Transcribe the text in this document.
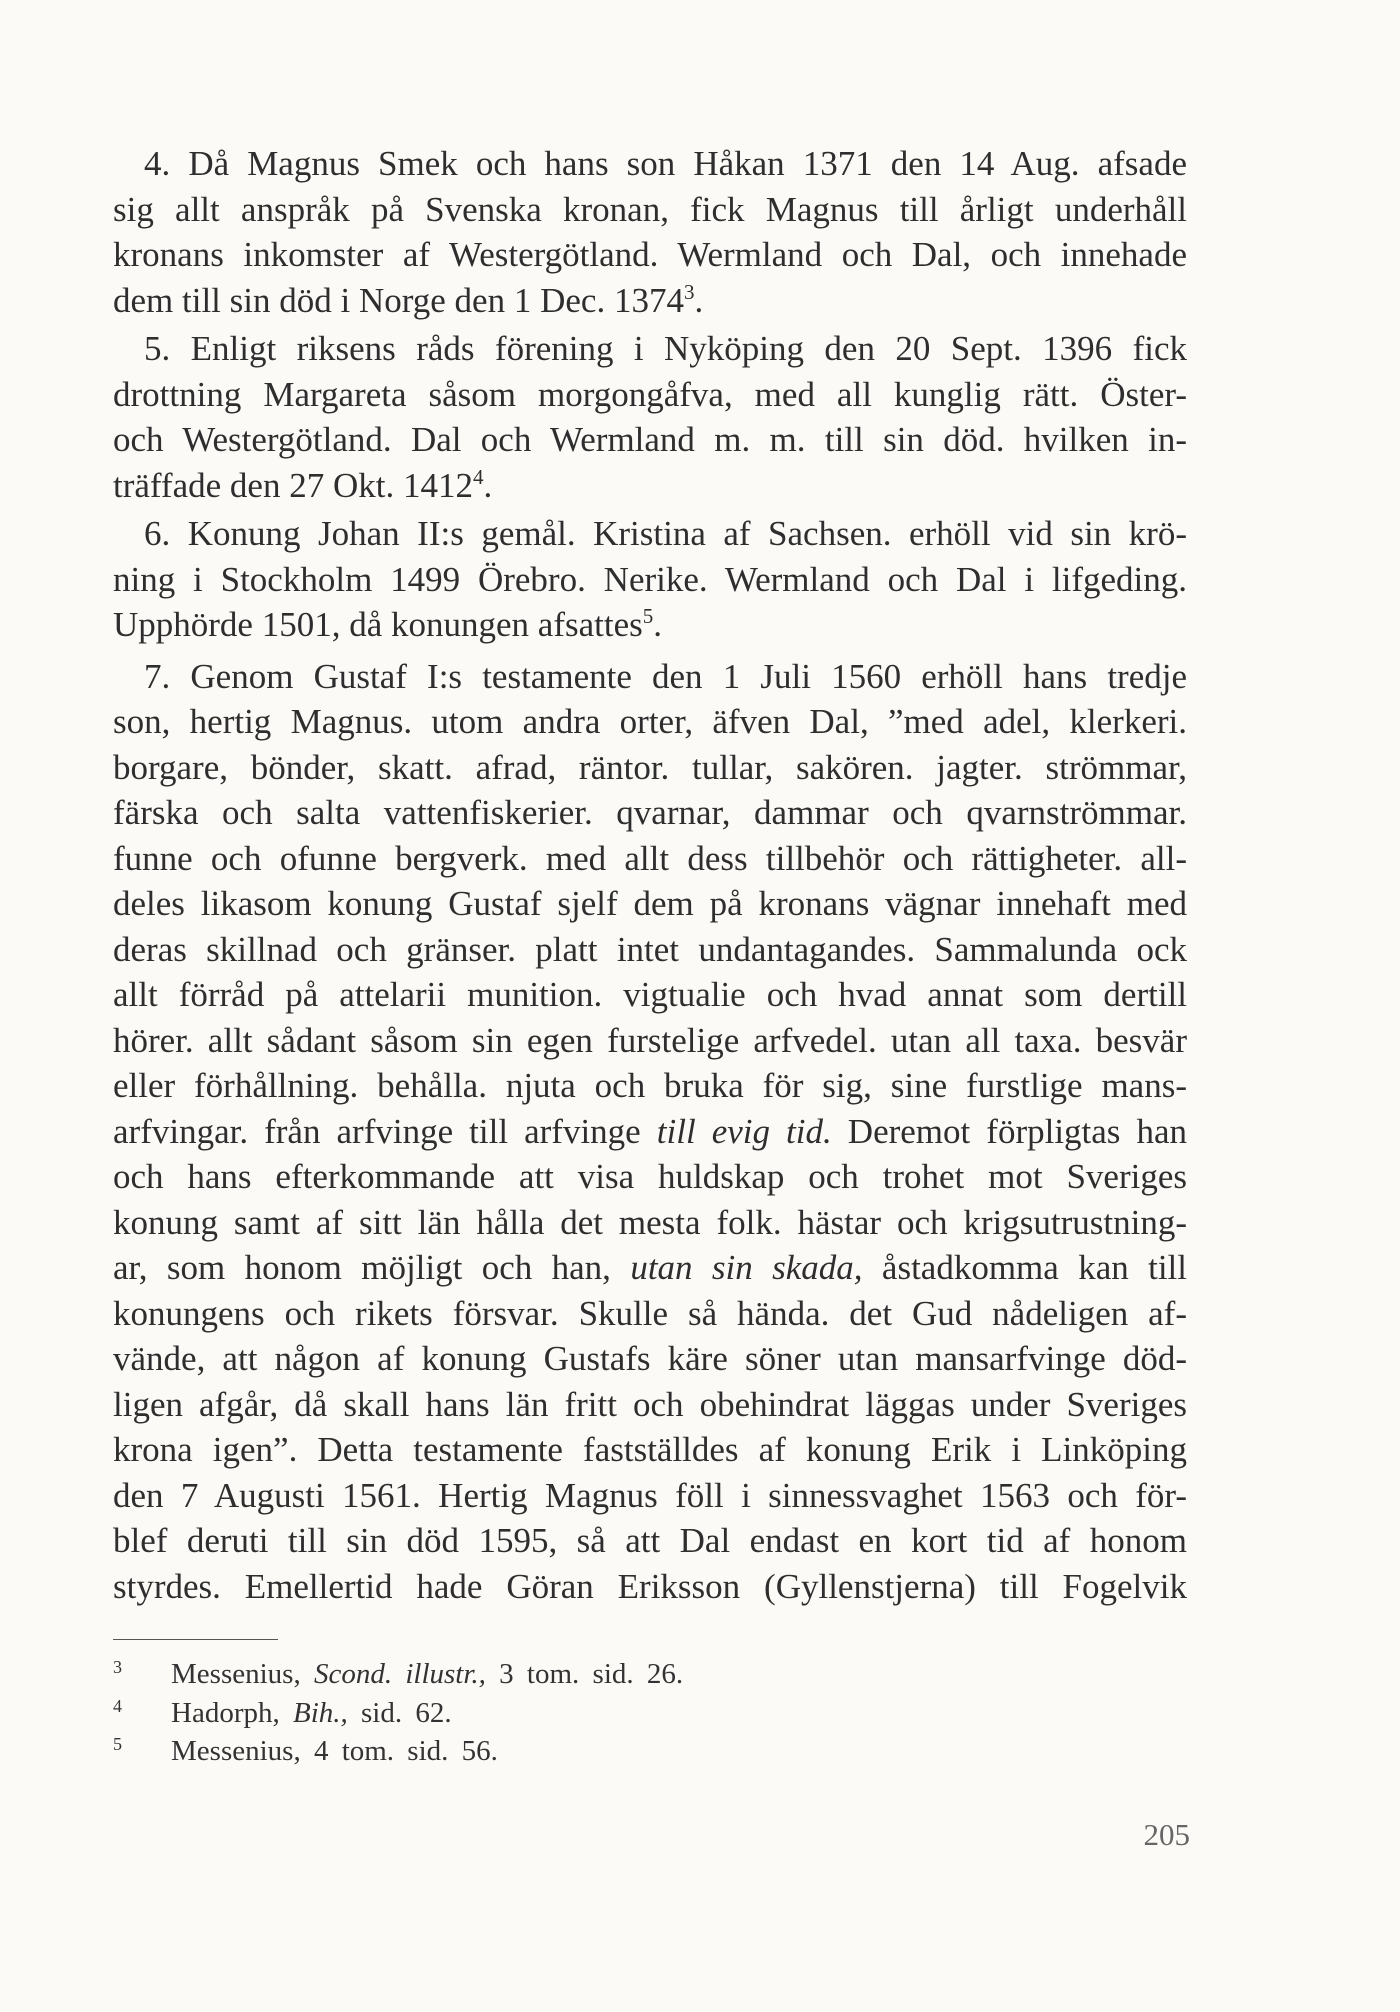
4. Då Magnus Smek och hans son Håkan 1371 den 14 Aug. afsade
sig allt anspråk på Svenska kronan, fick Magnus till årligt underhåll
kronans inkomster af Westergötland. Wermland och Dal, och innehade
dem till sin död i Norge den 1 Dec. 1374$^3$.
5. Enligt riksens råds förening i Nyköping den 20 Sept. 1396 fick
drottning Margareta såsom morgongåfva, med all kunglig rätt. Öster-
och Westergötland. Dal och Wermland m. m. till sin död. hvilken in-
träffade den 27 Okt. 1412$^4$.
6. Konung Johan II:s gemål. Kristina af Sachsen. erhöll vid sin krö-
ning i Stockholm 1499 Örebro. Nerike. Wermland och Dal i lifgeding.
Upphörde 1501, då konungen afsattes$^5$.
7. Genom Gustaf I:s testamente den 1 Juli 1560 erhöll hans tredje
son, hertig Magnus. utom andra orter, äfven Dal, ”med adel, klerkeri.
borgare, bönder, skatt. afrad, räntor. tullar, sakören. jagter. strömmar,
färska och salta vattenfiskerier. qvarnar, dammar och qvarnströmmar.
funne och ofunne bergverk. med allt dess tillbehör och rättigheter. all-
deles likasom konung Gustaf sjelf dem på kronans vägnar innehaft med
deras skillnad och gränser. platt intet undantagandes. Sammalunda ock
allt förråd på attelarii munition. vigtualie och hvad annat som dertill
hörer. allt sådant såsom sin egen furstelige arfvedel. utan all taxa. besvär
eller förhållning. behålla. njuta och bruka för sig, sine furstlige mans-
arfvingar. från arfvinge till arfvinge till evig tid. Deremot förpligtas han
och hans efterkommande att visa huldskap och trohet mot Sveriges
konung samt af sitt län hålla det mesta folk. hästar och krigsutrustning-
ar, som honom möjligt och han, utan sin skada, åstadkomma kan till
konungens och rikets försvar. Skulle så hända. det Gud nådeligen af-
vände, att någon af konung Gustafs käre söner utan mansarfvinge död-
ligen afgår, då skall hans län fritt och obehindrat läggas under Sveriges
krona igen”. Detta testamente fastställdes af konung Erik i Linköping
den 7 Augusti 1561. Hertig Magnus föll i sinnessvaghet 1563 och för-
blef deruti till sin död 1595, så att Dal endast en kort tid af honom
styrdes. Emellertid hade Göran Eriksson (Gyllenstjerna) till Fogelvik
3 Messenius, Scond. illustr., 3 tom. sid. 26.
4 Hadorph, Bih., sid. 62.
5 Messenius, 4 tom. sid. 56.
205
